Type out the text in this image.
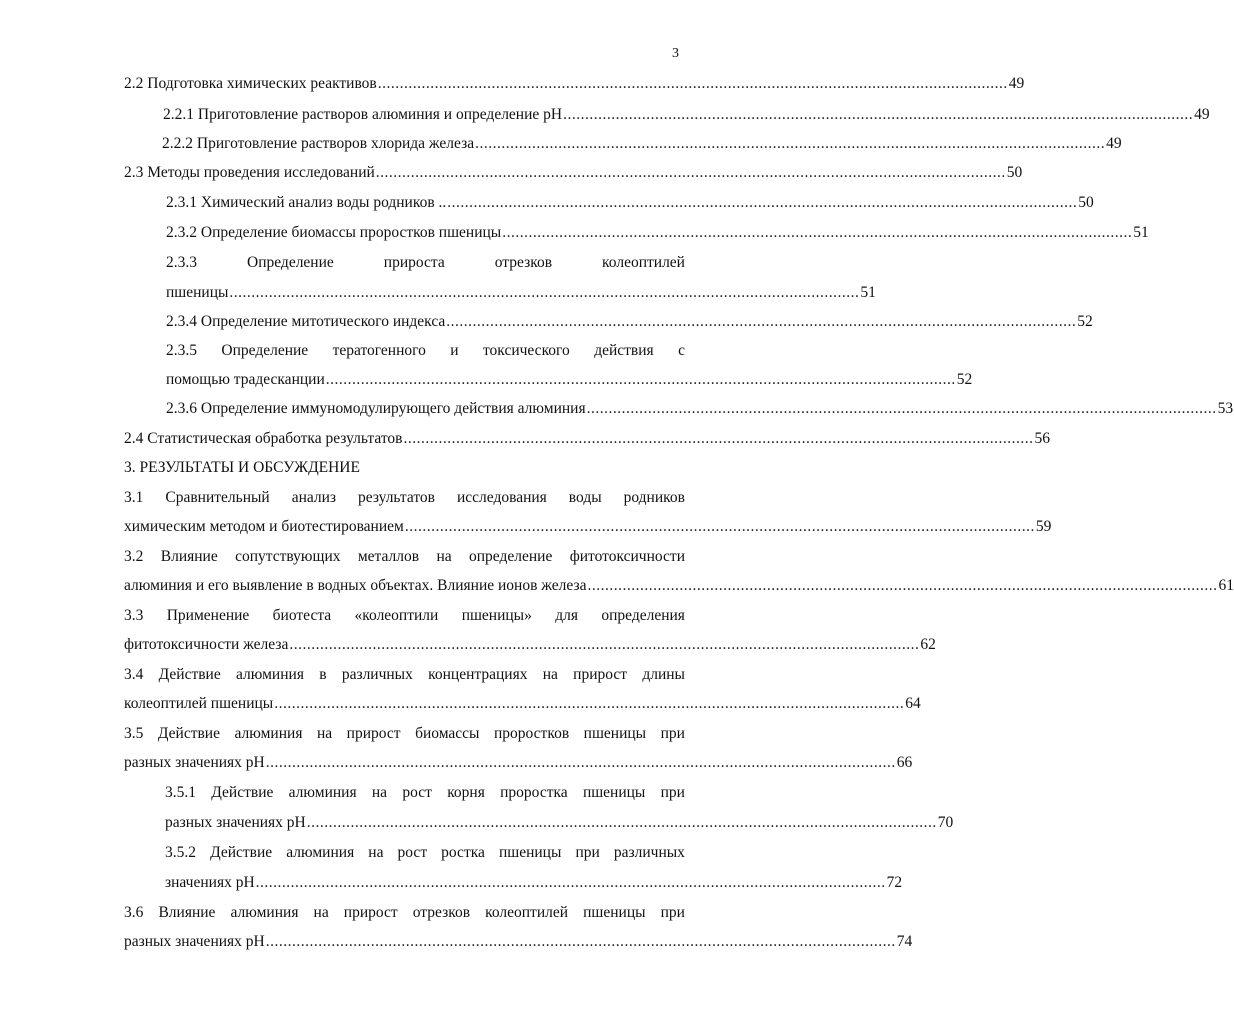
3
2.2 Подготовка химических реактивов ................................................................................................................................................ 49
2.2.1 Приготовление растворов алюминия и определение рН ................................................................................................................................................ 49
2.2.2 Приготовление растворов хлорида железа ................................................................................................................................................ 49
2.3 Методы проведения исследований ................................................................................................................................................ 50
2.3.1 Химический анализ воды родников .. ................................................................................................................................................ 50
2.3.2 Определение биомассы проростков пшеницы ................................................................................................................................................ 51
2.3.3	Определение	прироста	отрезков	колеоптилей
пшеницы ................................................................................................................................................ 51
2.3.4 Определение митотического индекса ................................................................................................................................................ 52
2.3.5 Определение тератогенного и токсического действия с
помощью традесканции ................................................................................................................................................ 52
2.3.6 Определение иммуномодулирующего действия алюминия ................................................................................................................................................ 53
2.4 Статистическая обработка результатов ................................................................................................................................................ 56
3. РЕЗУЛЬТАТЫ И ОБСУЖДЕНИЕ
3.1 Сравнительный анализ результатов исследования воды родников
химическим методом и биотестированием ................................................................................................................................................ 59
3.2 Влияние сопутствующих металлов на определение фитотоксичности
алюминия и его выявление в водных объектах. Влияние ионов железа ................................................................................................................................................ 61
3.3 Применение биотеста «колеоптили пшеницы» для определения
фитотоксичности железа ................................................................................................................................................ 62
3.4 Действие алюминия в различных концентрациях на прирост длины
колеоптилей пшеницы ................................................................................................................................................ 64
3.5 Действие алюминия на прирост биомассы проростков пшеницы при
разных значениях рН ................................................................................................................................................ 66
3.5.1 Действие алюминия на рост корня проростка пшеницы при
разных значениях рН ................................................................................................................................................ 70
3.5.2 Действие алюминия на рост ростка пшеницы при различных
значениях рН ................................................................................................................................................ 72
3.6 Влияние алюминия на прирост отрезков колеоптилей пшеницы при
разных значениях рН ................................................................................................................................................ 74
